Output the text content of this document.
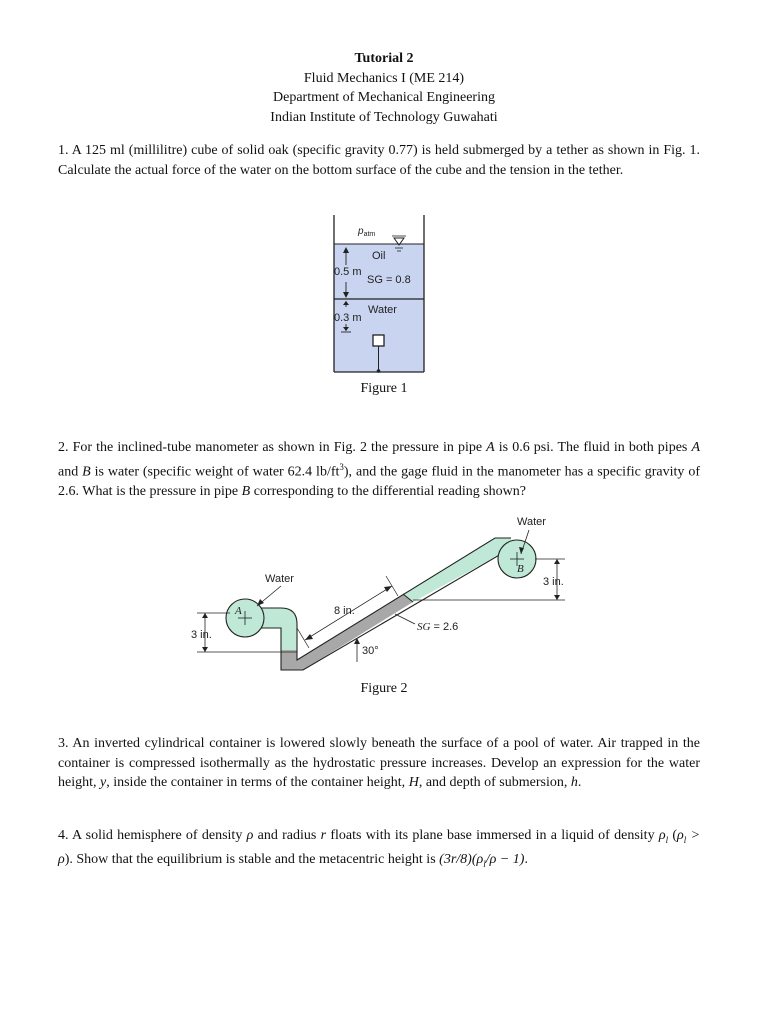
Tutorial 2
Fluid Mechanics I (ME 214)
Department of Mechanical Engineering
Indian Institute of Technology Guwahati
1. A 125 ml (millilitre) cube of solid oak (specific gravity 0.77) is held submerged by a tether as shown in Fig. 1. Calculate the actual force of the water on the bottom surface of the cube and the tension in the tether.
$p_{atm}$
Oil
SG = 0.8
0.5 m
Water
0.3 m
Figure 1
2. For the inclined-tube manometer as shown in Fig. 2 the pressure in pipe A is 0.6 psi. The fluid in both pipes A and B is water (specific weight of water 62.4 $lb/ft^3$), and the gage fluid in the manometer has a specific gravity of 2.6. What is the pressure in pipe B corresponding to the differential reading shown?
A
B
Water
Water
3 in.
3 in.
8 in.
SG = 2.6
30°
Figure 2
3. An inverted cylindrical container is lowered slowly beneath the surface of a pool of water. Air trapped in the container is compressed isothermally as the hydrostatic pressure increases. Develop an expression for the water height, y, inside the container in terms of the container height, H, and depth of submersion, h.
4. A solid hemisphere of density ρ and radius r floats with its plane base immersed in a liquid of density $\rho_l$ $(\rho_l > \rho)$. Show that the equilibrium is stable and the metacentric height is $(3r/8)(\rho_l/\rho - 1)$.
